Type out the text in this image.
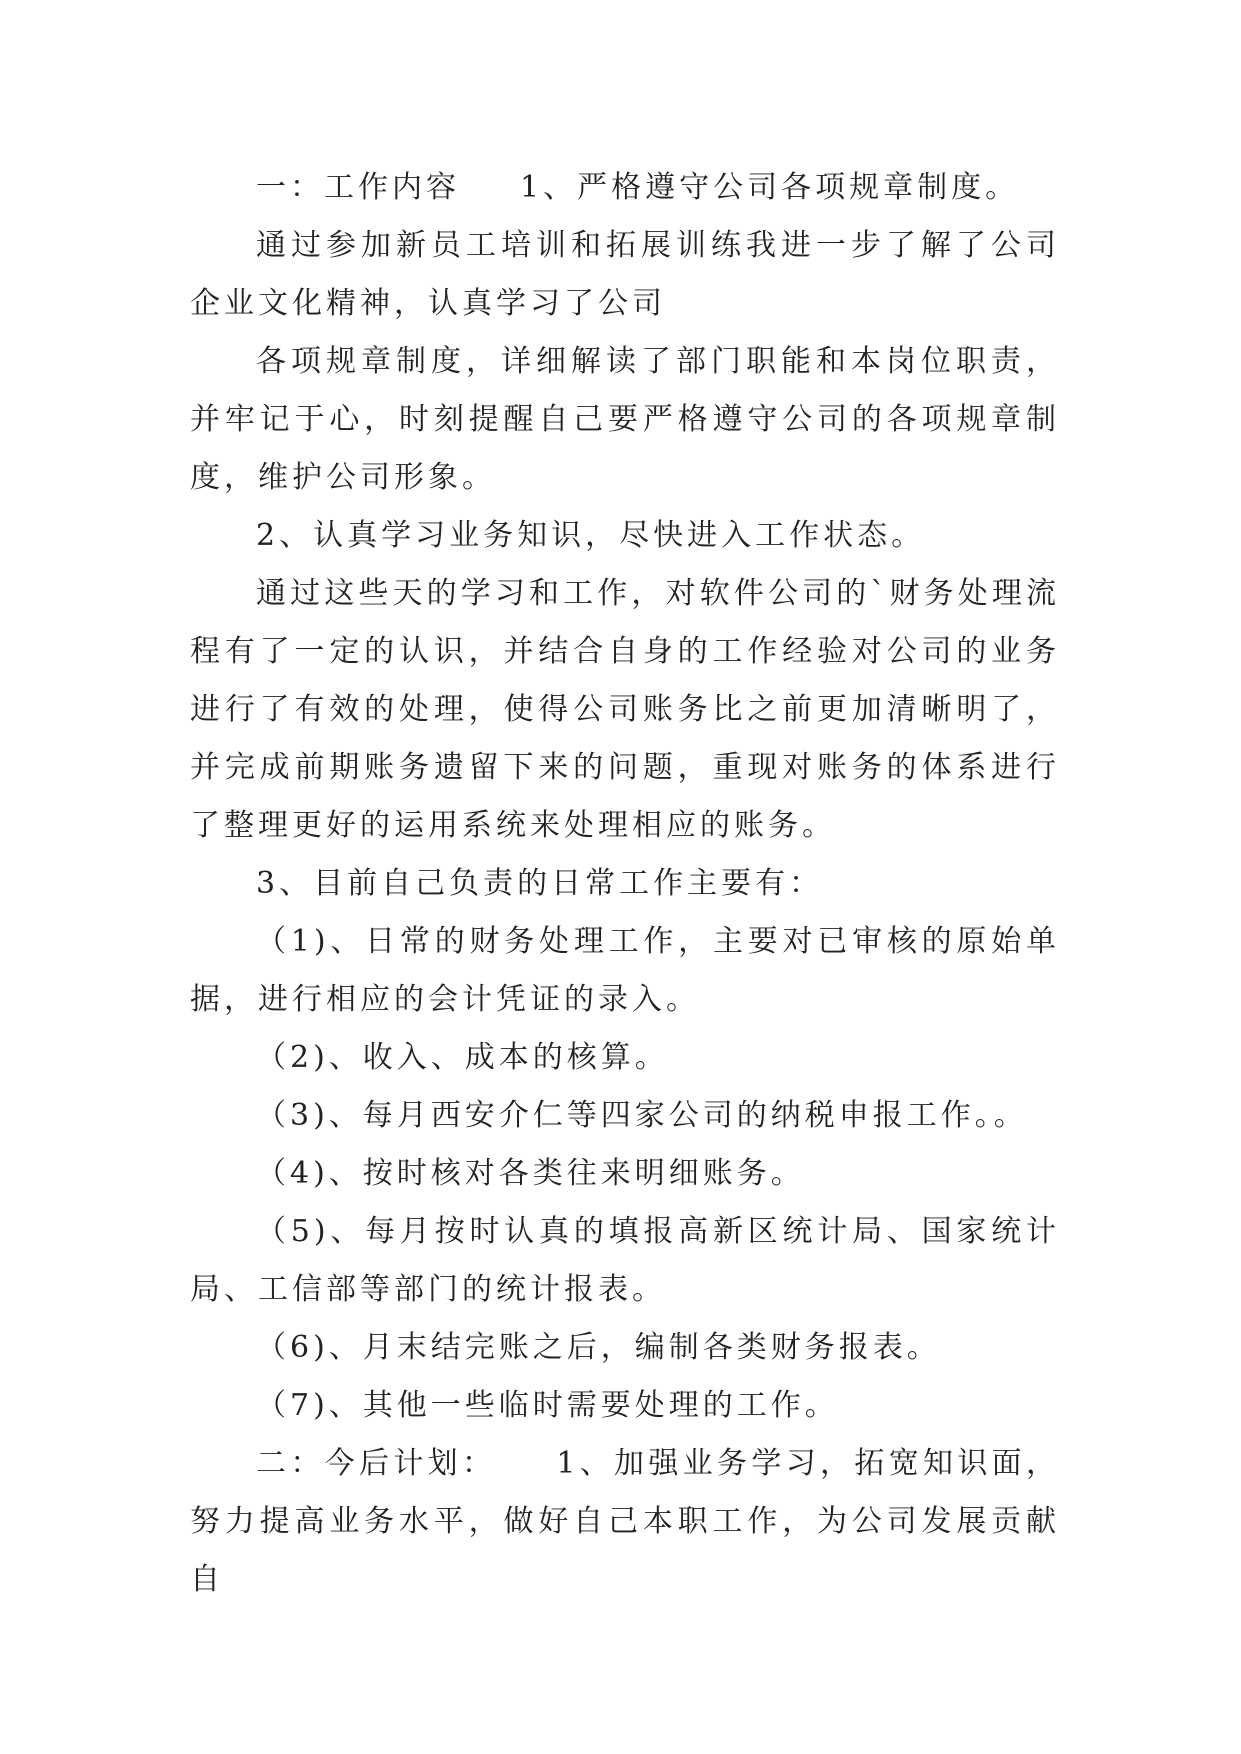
一：工作内容 1、严格遵守公司各项规章制度。

通过参加新员工培训和拓展训练我进一步了解了公司企业文化精神，认真学习了公司

各项规章制度，详细解读了部门职能和本岗位职责，并牢记于心，时刻提醒自己要严格遵守公司的各项规章制度，维护公司形象。

2、认真学习业务知识，尽快进入工作状态。

通过这些天的学习和工作，对软件公司的`财务处理流程有了一定的认识，并结合自身的工作经验对公司的业务进行了有效的处理，使得公司账务比之前更加清晰明了，并完成前期账务遗留下来的问题，重现对账务的体系进行了整理更好的运用系统来处理相应的账务。

3、目前自己负责的日常工作主要有：

（1)、日常的财务处理工作，主要对已审核的原始单据，进行相应的会计凭证的录入。

（2)、收入、成本的核算。

（3)、每月西安介仁等四家公司的纳税申报工作。。

（4)、按时核对各类往来明细账务。

（5)、每月按时认真的填报高新区统计局、国家统计局、工信部等部门的统计报表。

（6)、月末结完账之后，编制各类财务报表。

（7)、其他一些临时需要处理的工作。

二：今后计划： 1、加强业务学习，拓宽知识面，努力提高业务水平，做好自己本职工作，为公司发展贡献自
